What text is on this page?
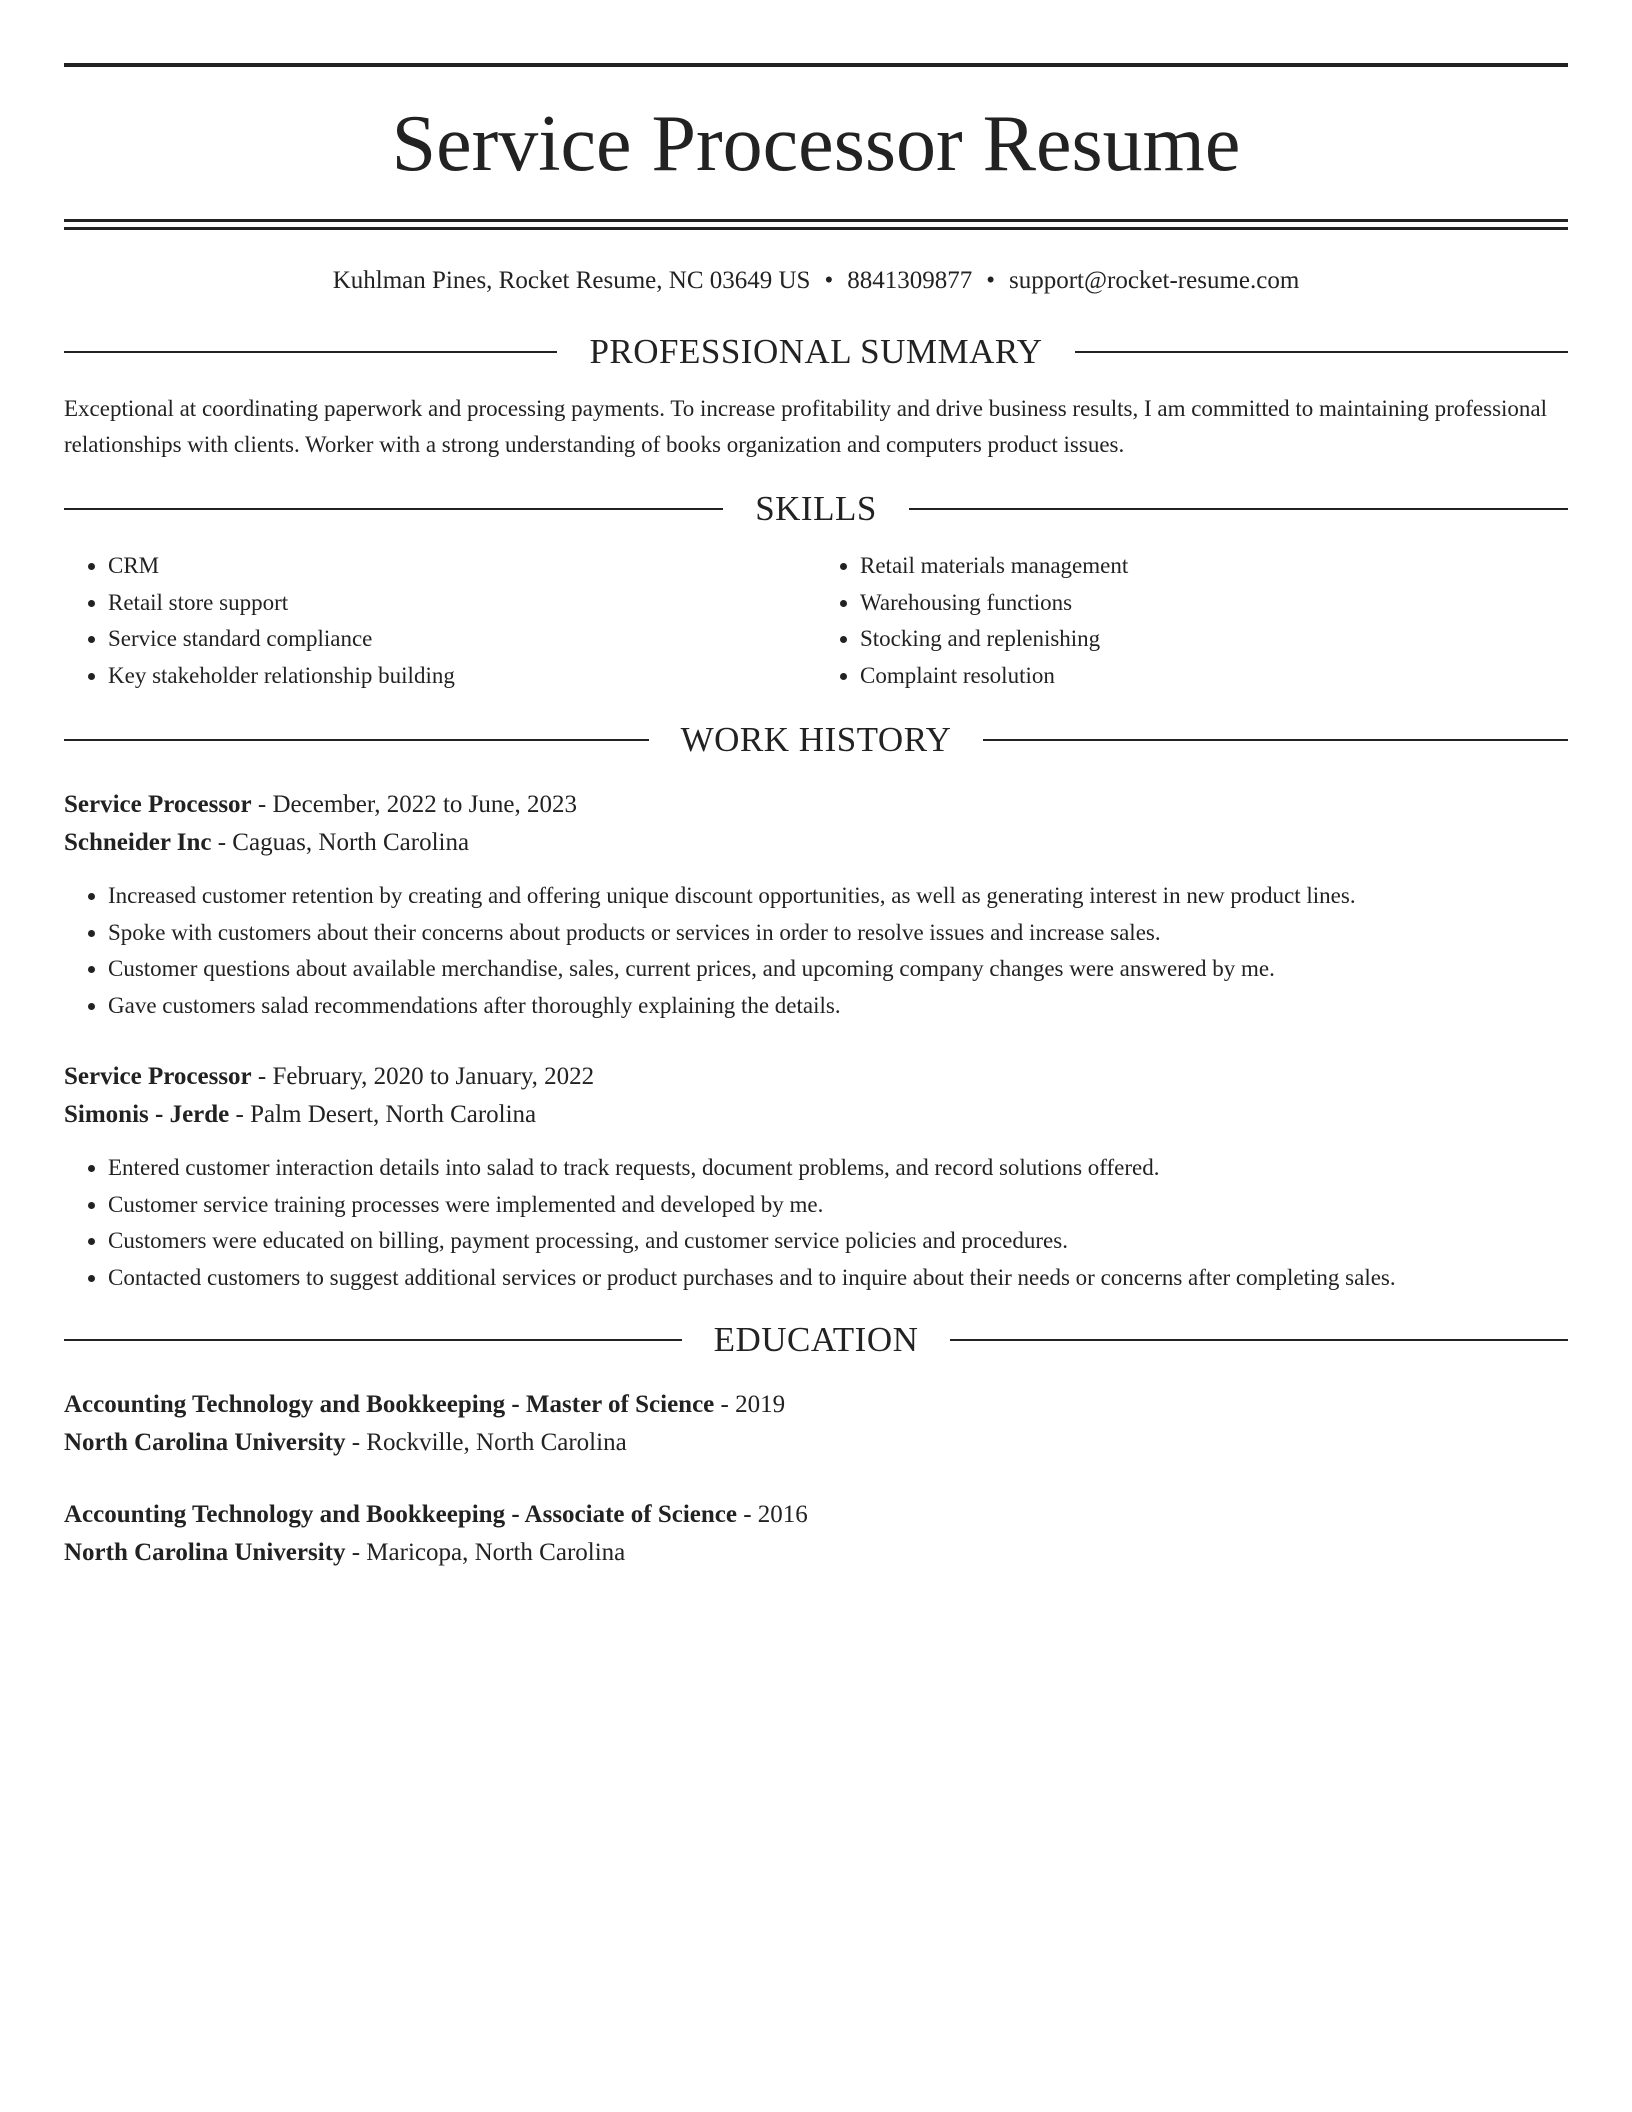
Service Processor Resume
Kuhlman Pines, Rocket Resume, NC 03649 US • 8841309877 • support@rocket-resume.com
PROFESSIONAL SUMMARY

Exceptional at coordinating paperwork and processing payments. To increase profitability and drive business results, I am committed to maintaining professional relationships with clients. Worker with a strong understanding of books organization and computers product issues.

SKILLS
• CRM
• Retail store support
• Service standard compliance
• Key stakeholder relationship building
• Retail materials management
• Warehousing functions
• Stocking and replenishing
• Complaint resolution
WORK HISTORY
Service Processor - December, 2022 to June, 2023
Schneider Inc - Caguas, North Carolina
• Increased customer retention by creating and offering unique discount opportunities, as well as generating interest in new product lines.
• Spoke with customers about their concerns about products or services in order to resolve issues and increase sales.
• Customer questions about available merchandise, sales, current prices, and upcoming company changes were answered by me.
• Gave customers salad recommendations after thoroughly explaining the details.
Service Processor - February, 2020 to January, 2022
Simonis - Jerde - Palm Desert, North Carolina
• Entered customer interaction details into salad to track requests, document problems, and record solutions offered.
• Customer service training processes were implemented and developed by me.
• Customers were educated on billing, payment processing, and customer service policies and procedures.
• Contacted customers to suggest additional services or product purchases and to inquire about their needs or concerns after completing sales.
EDUCATION
Accounting Technology and Bookkeeping - Master of Science - 2019
North Carolina University - Rockville, North Carolina
Accounting Technology and Bookkeeping - Associate of Science - 2016
North Carolina University - Maricopa, North Carolina
